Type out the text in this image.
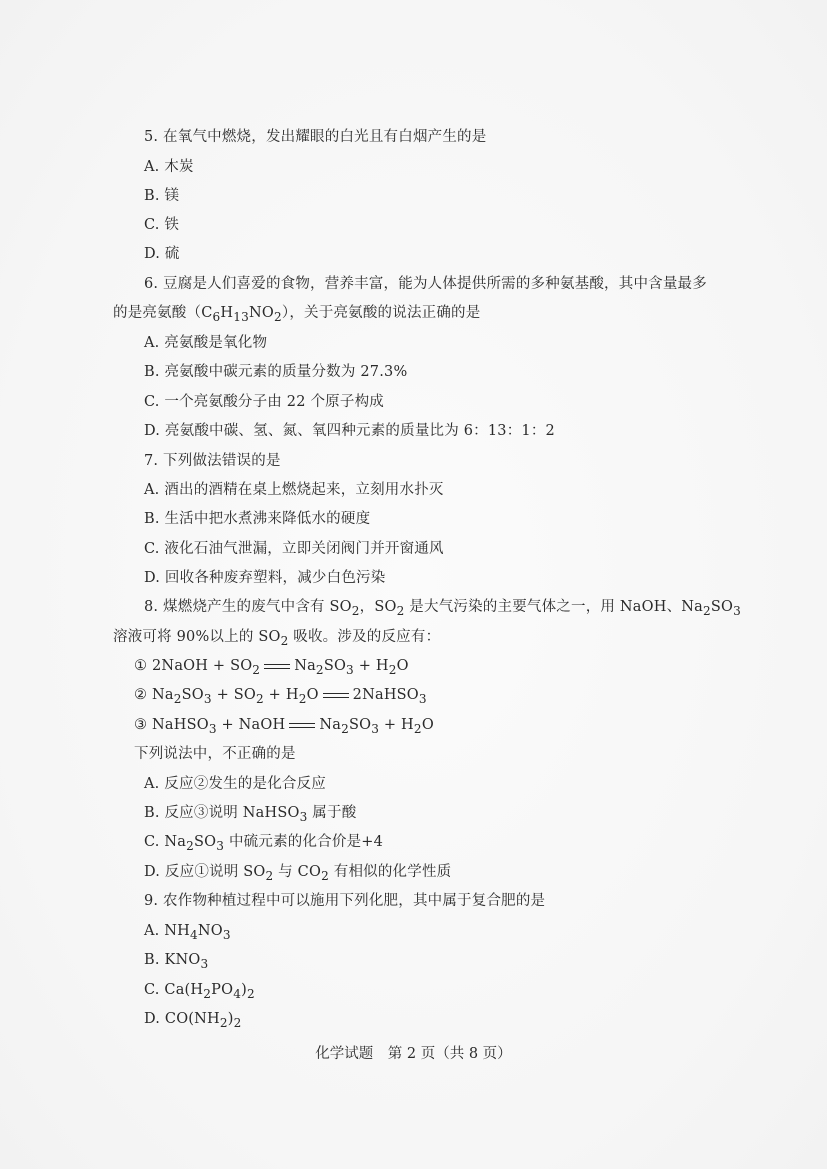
5. 在氧气中燃烧，发出耀眼的白光且有白烟产生的是
A. 木炭
B. 镁
C. 铁
D. 硫
6. 豆腐是人们喜爱的食物，营养丰富，能为人体提供所需的多种氨基酸，其中含量最多
的是亮氨酸$(C_6H_{13}NO_2)$，关于亮氨酸的说法正确的是
A. 亮氨酸是氧化物
B. 亮氨酸中碳元素的质量分数为 27.3%
C. 一个亮氨酸分子由 22 个原子构成
D. 亮氨酸中碳、氢、氮、氧四种元素的质量比为 6：13：1：2
7. 下列做法错误的是
A. 酒出的酒精在桌上燃烧起来，立刻用水扑灭
B. 生活中把水煮沸来降低水的硬度
C. 液化石油气泄漏，立即关闭阀门并开窗通风
D. 回收各种废弃塑料，减少白色污染
8. 煤燃烧产生的废气中含有 $SO_2$，$SO_2$ 是大气污染的主要气体之一，用 NaOH、$Na_2SO_3$
溶液可将 90%以上的 $SO_2$ 吸收。涉及的反应有：
① 2NaOH + $SO_2$ $Na_2SO_3 + H_2O$
② $Na_2SO_3 + SO_2 + H_2O$ 2NaHSO$_3$
③ NaHSO$_3$ + NaOH $Na_2SO_3 + H_2O$
下列说法中，不正确的是
A. 反应②发生的是化合反应
B. 反应③说明 NaHSO$_3$ 属于酸
C. $Na_2SO_3$ 中硫元素的化合价是+4
D. 反应①说明 $SO_2$ 与 $CO_2$ 有相似的化学性质
9. 农作物种植过程中可以施用下列化肥，其中属于复合肥的是
A. $NH_4NO_3$
B. $KNO_3$
C. $Ca(H_2PO_4)_2$
D. $CO(NH_2)_2$
化学试题　第 2 页（共 8 页）
